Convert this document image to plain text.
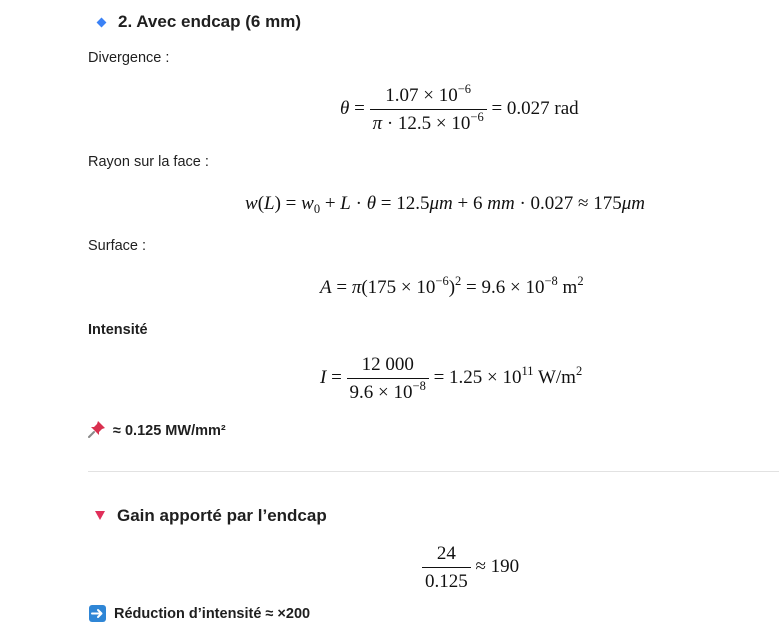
2. Avec endcap (6 mm)
Divergence :
$\theta = \frac{1.07 \times 10^{-6}}{\pi \cdot 12.5 \times 10^{-6}} = 0.027$ rad
Rayon sur la face :
$w(L) = w_0 + L \cdot \theta = 12.5\mu m + 6$ mm · 0.027 ≈ 175μm
Surface :
$A = \pi(175 \times 10^{-6})^2 = 9.6 \times 10^{-8}$ $m^2$
Intensité
$I = \frac{12 000}{9.6 \times 10^{-8}} = 1.25 \times 10^{11}$ $W/m^2$
≈ 0.125 MW/mm²
Gain apporté par l’endcap
$\frac{24}{0.125} \approx 190$
Réduction d’intensité ≈ ×200
